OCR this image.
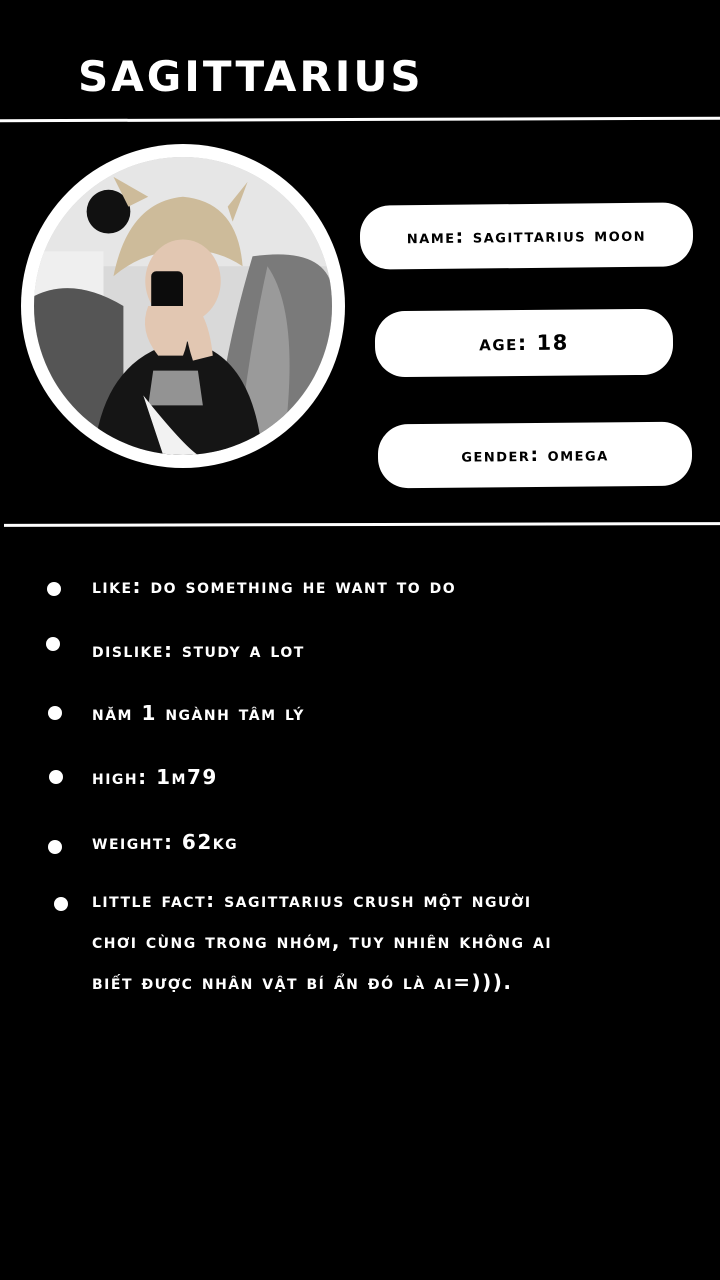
SAGITTARIUS
name: sagittarius moon
age: 18
gender: omega
like: do something he want to do
dislike: study a lot
năm 1 ngành tâm lý
high: 1m79
weight: 62kg
little fact: sagittarius crush một người chơi cùng trong nhóm, tuy nhiên không ai biết được nhân vật bí ẩn đó là ai=))).
